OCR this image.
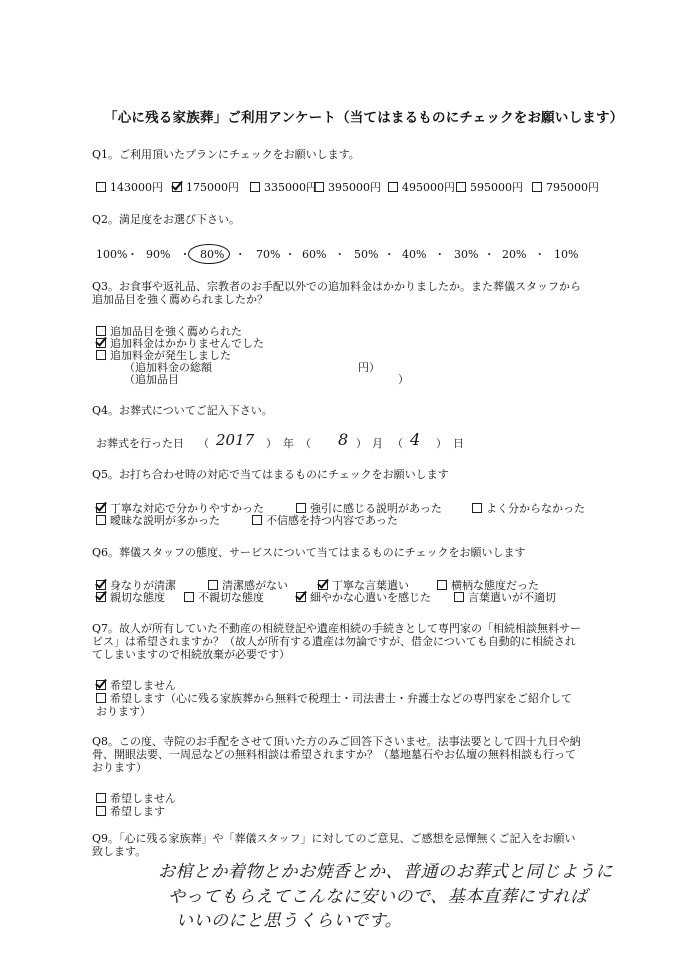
「心に残る家族葬」ご利用アンケート（当てはまるものにチェックをお願いします）
Q1。ご利用頂いたプランにチェックをお願いします。
143000円	175000円	335000円	395000円	495000円	595000円	795000円
Q2。満足度をお選び下さい。
100% ・ 90% ・ 80% ・ 70% ・ 60% ・ 50% ・ 40% ・ 30% ・ 20% ・ 10%
Q3。お食事や返礼品、宗教者のお手配以外での追加料金はかかりましたか。また葬儀スタッフから
追加品目を強く薦められましたか？
追加品目を強く薦められた
追加料金はかかりませんでした
追加料金が発生しました
（追加料金の総額	円）
（追加品目	）
Q4。お葬式についてご記入下さい。
お葬式を行った日 （ 2017 ） 年 （ 8 ） 月 （ 4 ） 日
Q5。お打ち合わせ時の対応で当てはまるものにチェックをお願いします
丁寧な対応で分かりやすかった	強引に感じる説明があった	よく分からなかった
曖昧な説明が多かった	不信感を持つ内容であった
Q6。葬儀スタッフの態度、サービスについて当てはまるものにチェックをお願いします
身なりが清潔	清潔感がない	丁寧な言葉遣い	横柄な態度だった
親切な態度	不親切な態度	細やかな心遣いを感じた	言葉遣いが不適切
Q7。故人が所有していた不動産の相続登記や遺産相続の手続きとして専門家の「相続相談無料サー
ビス」は希望されますか？（故人が所有する遺産は勿論ですが、借金についても自動的に相続され
てしまいますので相続放棄が必要です）
希望しません
希望します（心に残る家族葬から無料で税理士・司法書士・弁護士などの専門家をご紹介して
おります）
Q8。この度、寺院のお手配をさせて頂いた方のみご回答下さいませ。法事法要として四十九日や納
骨、開眼法要、一周忌などの無料相談は希望されますか？（墓地墓石やお仏壇の無料相談も行って
おります）
希望しません
希望します
Q9。「心に残る家族葬」や「葬儀スタッフ」に対してのご意見、ご感想を忌憚無くご記入をお願い
致します。
お棺とか着物とかお焼香とか、普通のお葬式と同じように
やってもらえてこんなに安いので、基本直葬にすれば
いいのにと思うくらいです。
